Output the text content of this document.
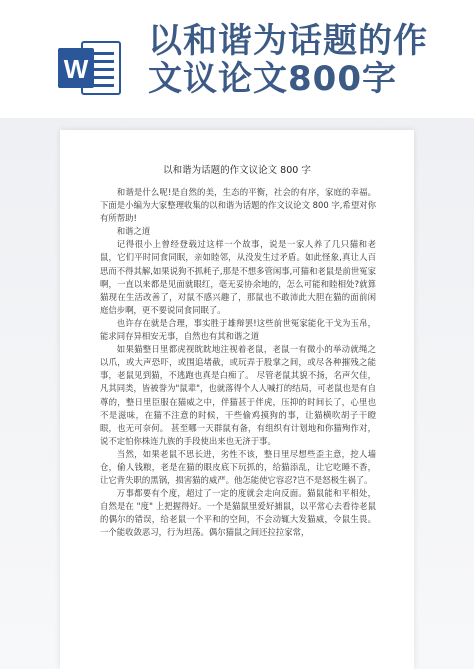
W
以和谐为话题的作
文议论文800字
以和谐为话题的作文议论文 800 字

和谐是什么呢!是自然的美，生态的平衡，社会的有序，家庭的幸福。下面是小编为大家整理收集的以和谐为话题的作文议论文 800 字,希望对你有所帮助!

和谐之道

记得很小上曾经登载过这样一个故事，说是一家人养了几只猫和老鼠，它们平时同食同眠，亲如睦邻，从没发生过矛盾。如此怪象,真让人百思而不得其解,如果说狗不抓耗子,那是不想多管闲事,可猫和老鼠是前世冤家啊，一直以来都是见面就眼红，毫无妥协余地的，怎么可能和睦相处?就算猫现在生活改善了，对鼠不感兴趣了，那鼠也不敢沛此大胆在猫的面前闲庭信步啊，更不要说同食同眠了。

也许存在就是合理，事实胜于雄辩罢!这些前世冤家能化干戈为玉帛，能求同存异相安无事，自然也有其和谐之道

如果猫整日里都虎视眈眈地注视着老鼠，老鼠一有微小的举动就绳之以爪，或大声恐吓，或围追堵截，或玩弄于股掌之间，或尽各种摧残之能事，老鼠见到猫，不逃跑也真是白痴了。 尽管老鼠其貌不扬，名声欠佳，凡其同类，皆被誉为"鼠辈"，也就落得个人人喊打的结局，可老鼠也是有自尊的，整日里臣服在猫威之中，伴猫甚于伴虎，压抑的时间长了，心里也不是滋味，在猫不注意的时候，干些偷鸡摸狗的事，让猫横吹胡子干瞪眼，也无可奈何。 甚至哪一天群鼠有备，有组织有计划地和你猫殉作对，说不定怕你株连九族的手段使出来也无济于事。

当然，如果老鼠不思长进，劣性不该，整日里尽想些歪主意，挖人墙仓，偷人钱粮，老是在猫的眼皮底下玩抓的，给猫添乱，让它吃睡不香，让它背失职的黑锅，损害猫的威严。他怎能使它容忍?岂不是怒极生祸了。

万事都要有个度，超过了一定的度就会走向反面。猫鼠能和平相处，自然是在 "度" 上把握得好。一个是猫鼠里爱好捕鼠，以平常心去看待老鼠的偶尔的错误，给老鼠一个平和的空间，不会动辄大发猫威，令鼠生畏。一个能收敛恶习，行为坦荡。偶尔猫鼠之间还拉拉家常，
